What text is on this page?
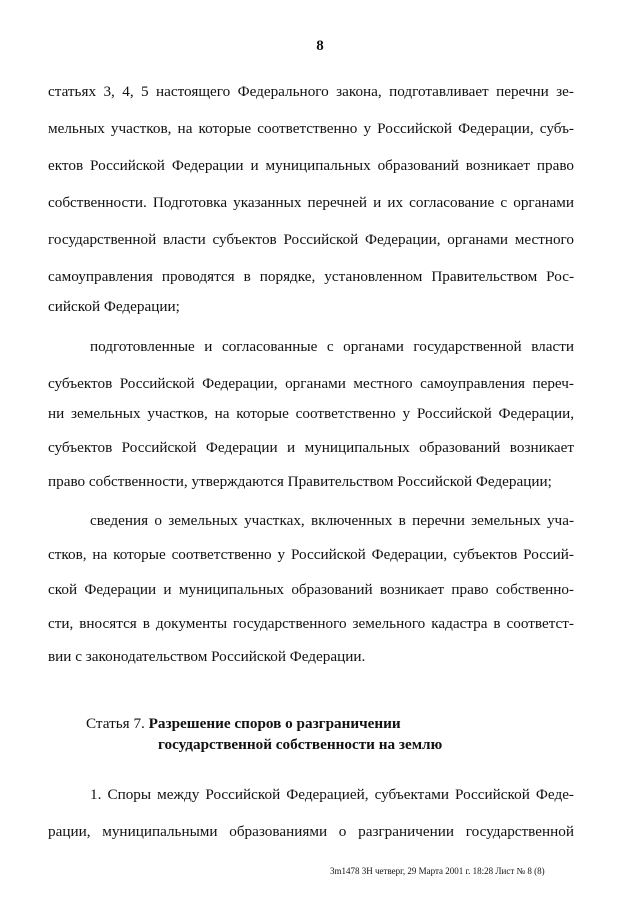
8
статьях 3, 4, 5 настоящего Федерального закона, подготавливает перечни зе-
мельных участков, на которые соответственно у Российской Федерации, субъ-
ектов Российской Федерации и муниципальных образований возникает право
собственности. Подготовка указанных перечней и их согласование с органами
государственной власти субъектов Российской Федерации, органами местного
самоуправления проводятся в порядке, установленном Правительством Рос-
сийской Федерации;
подготовленные и согласованные с органами государственной власти
субъектов Российской Федерации, органами местного самоуправления переч-
ни земельных участков, на которые соответственно у Российской Федерации,
субъектов Российской Федерации и муниципальных образований возникает
право собственности, утверждаются Правительством Российской Федерации;
сведения о земельных участках, включенных в перечни земельных уча-
стков, на которые соответственно у Российской Федерации, субъектов Россий-
ской Федерации и муниципальных образований возникает право собственно-
сти, вносятся в документы государственного земельного кадастра в соответст-
вии с законодательством Российской Федерации.
Статья 7. Разрешение споров о разграничении
государственной собственности на землю
1. Споры между Российской Федерацией, субъектами Российской Феде-
рации, муниципальными образованиями о разграничении государственной
3m1478 3H четверг, 29 Марта 2001 г. 18:28 Лист № 8 (8)
